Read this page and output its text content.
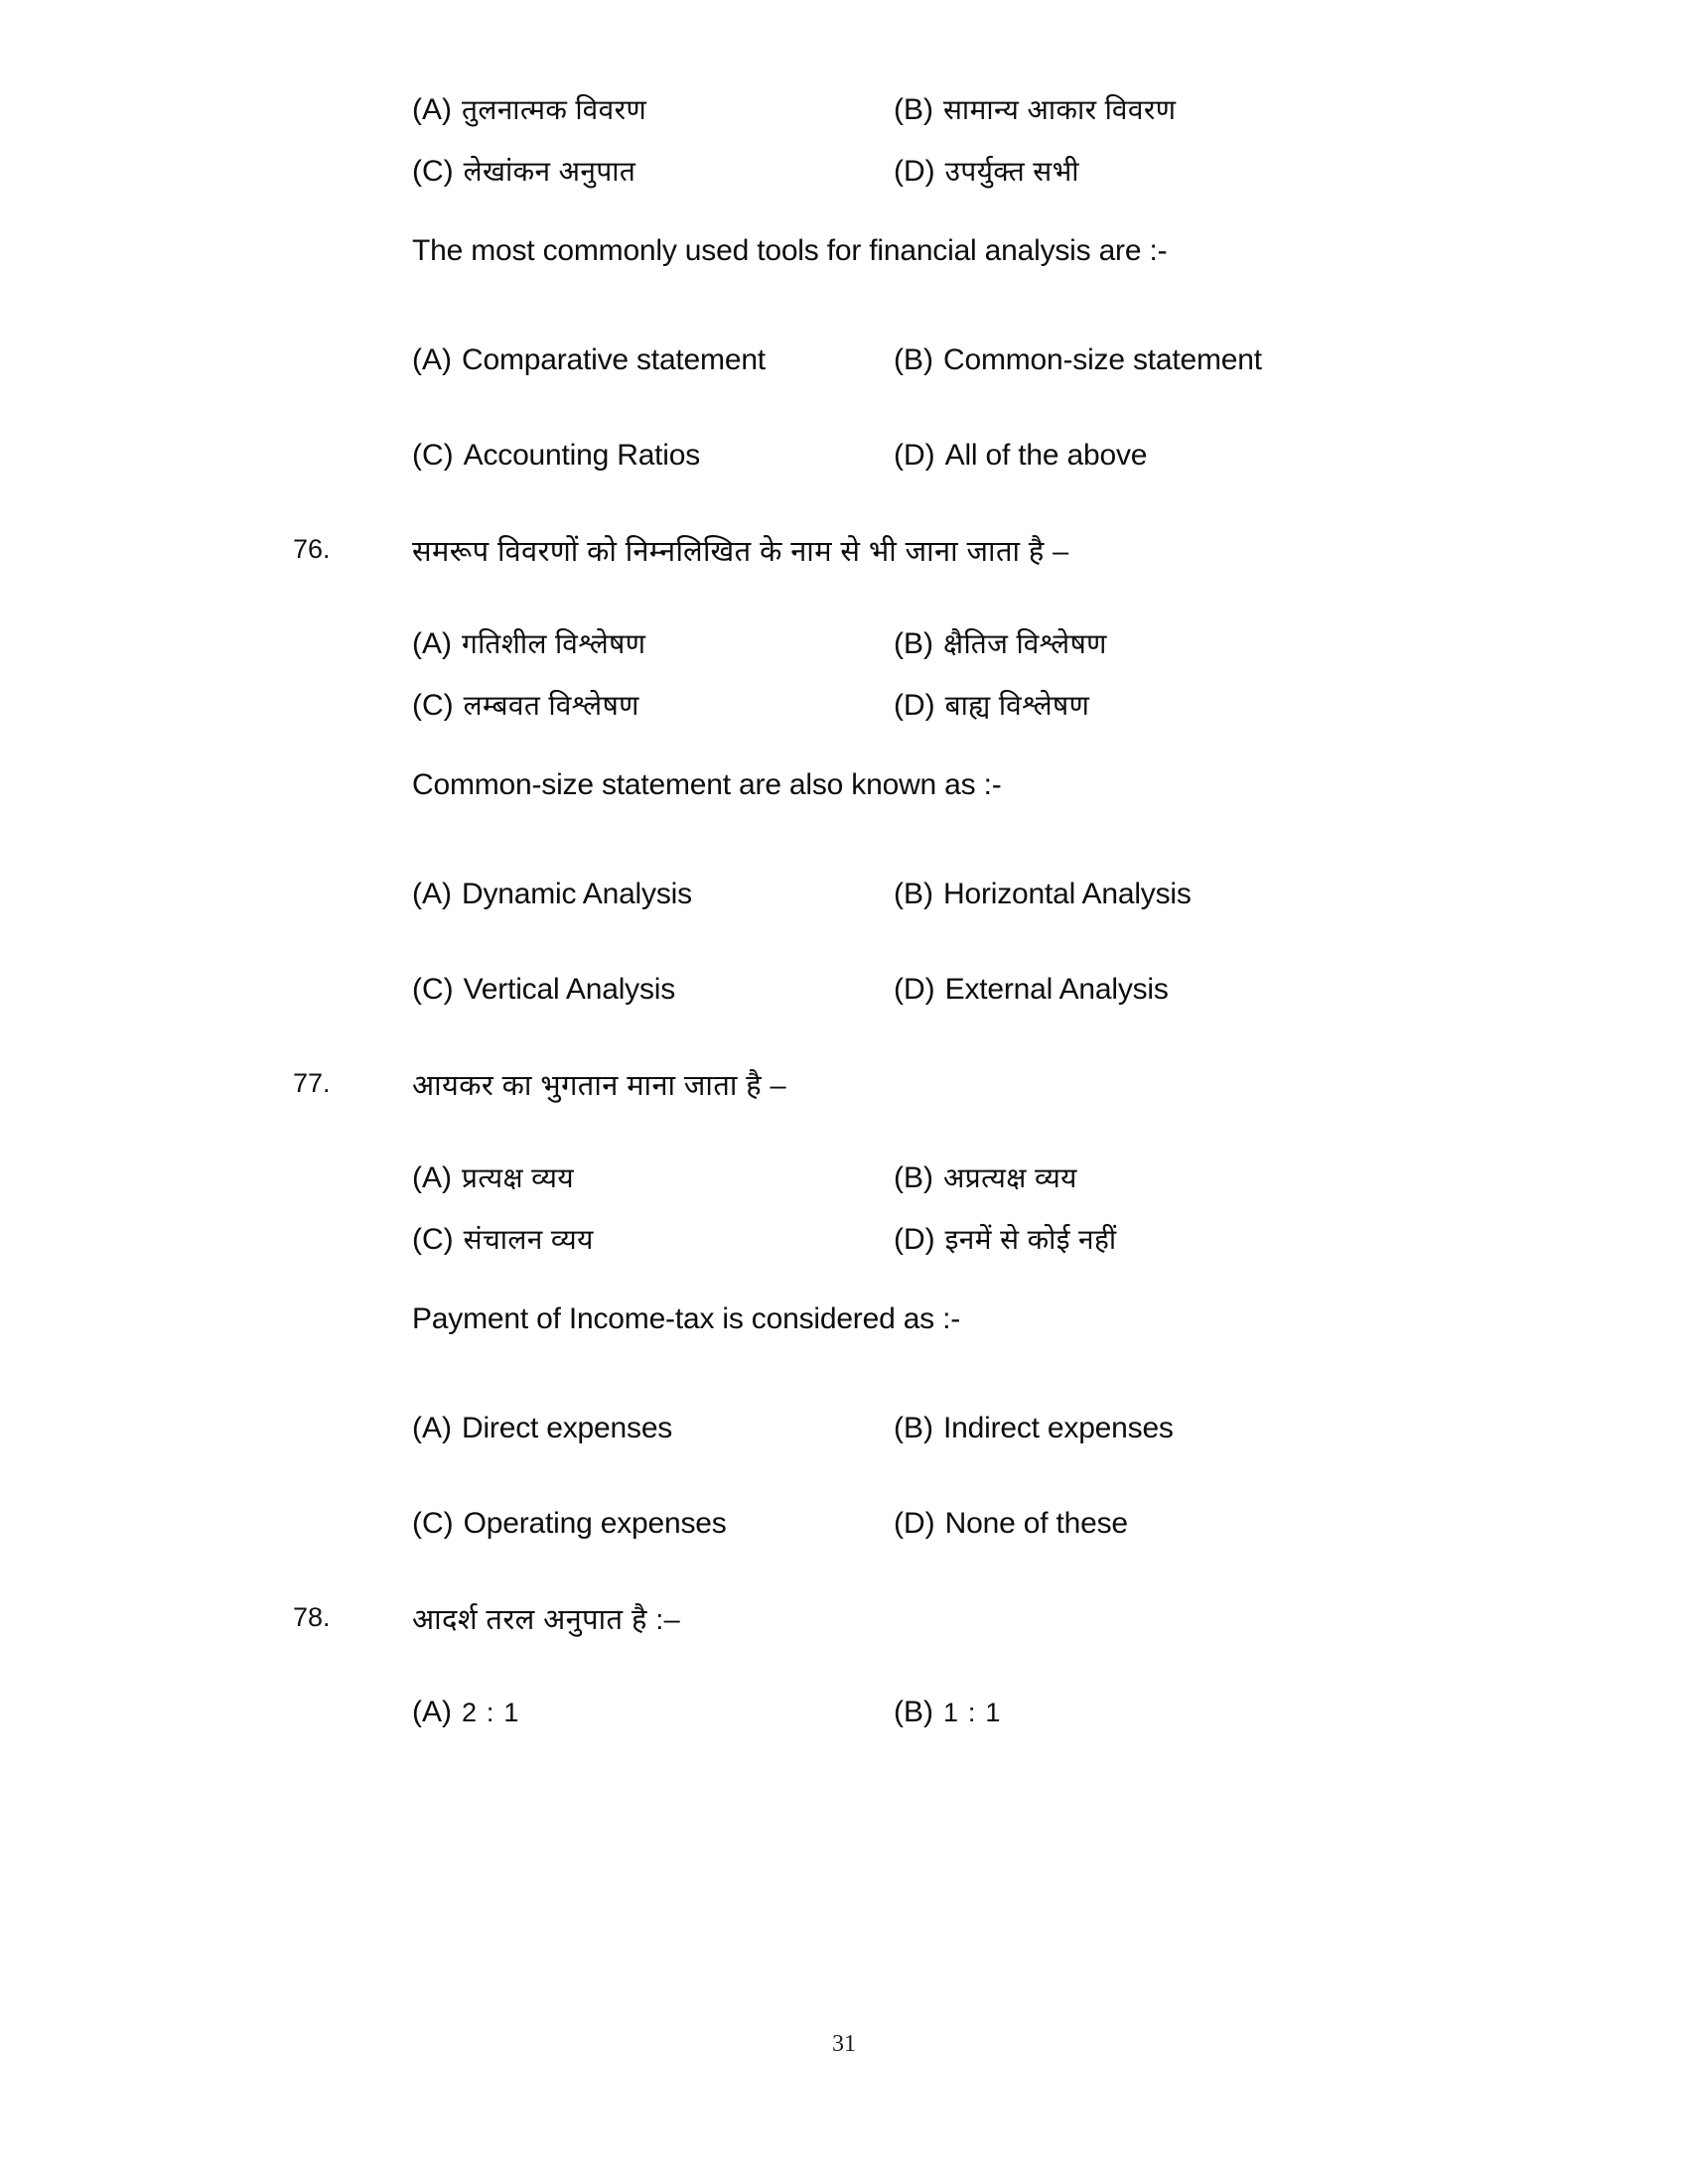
(A) तुलनात्मक विवरण	(B) सामान्य आकार विवरण
(C) लेखांकन अनुपात	(D) उपर्युक्त सभी
The most commonly used tools for financial analysis are :-
(A) Comparative statement	(B) Common-size statement
(C) Accounting Ratios	(D) All of the above
76.	समरूप विवरणों को निम्नलिखित के नाम से भी जाना जाता है –
(A) गतिशील विश्लेषण	(B) क्षैतिज विश्लेषण
(C) लम्बवत विश्लेषण	(D) बाह्य विश्लेषण
Common-size statement are also known as :-
(A) Dynamic Analysis	(B) Horizontal Analysis
(C) Vertical Analysis	(D) External Analysis
77.	आयकर का भुगतान माना जाता है –
(A) प्रत्यक्ष व्यय	(B) अप्रत्यक्ष व्यय
(C) संचालन व्यय	(D) इनमें से कोई नहीं
Payment of Income-tax is considered as :-
(A) Direct expenses	(B) Indirect expenses
(C) Operating expenses	(D) None of these
78.	आदर्श तरल अनुपात है :–
(A) 2 : 1	(B) 1 : 1
31
